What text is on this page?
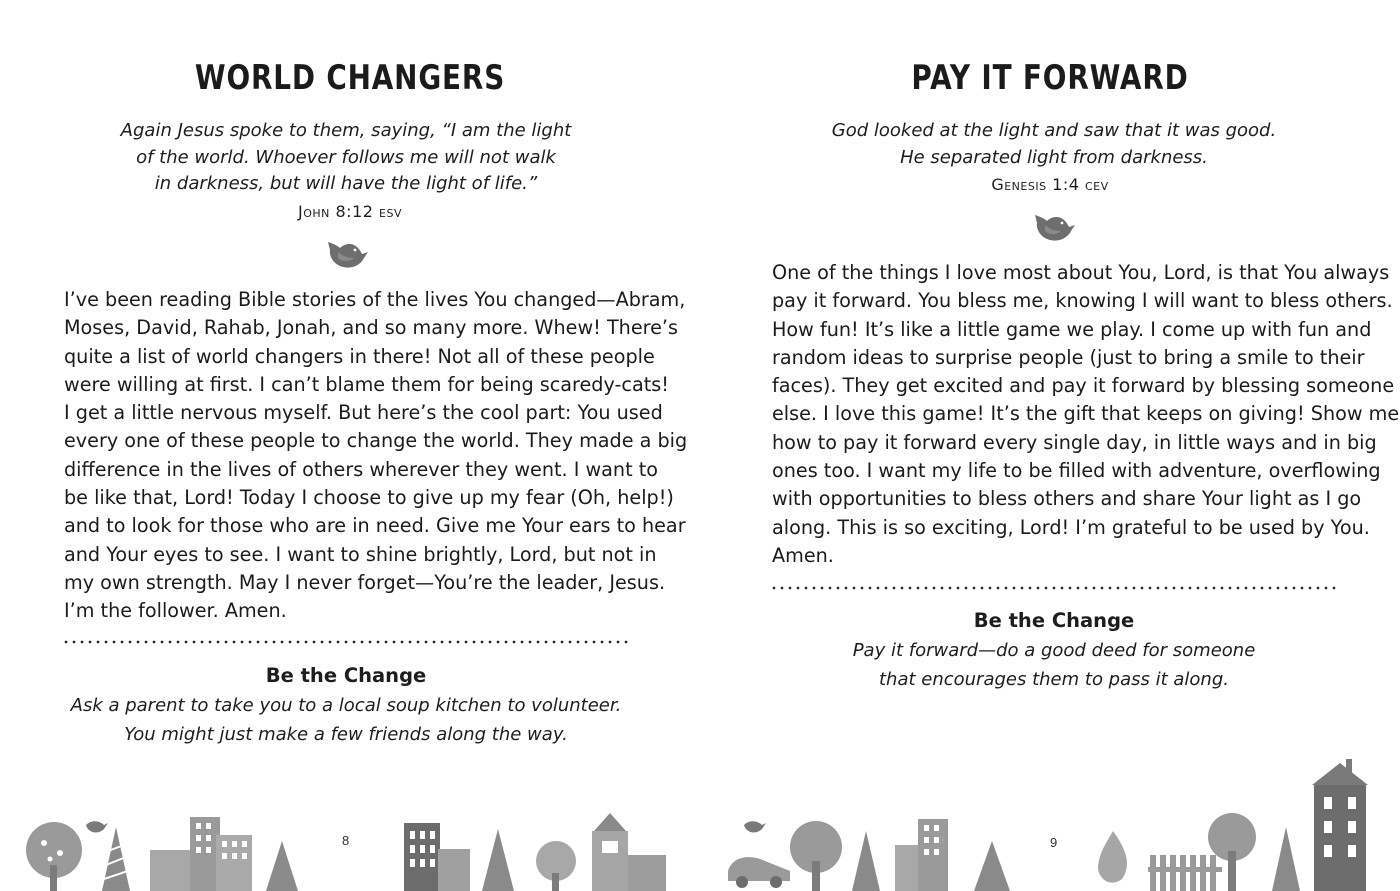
WORLD CHANGERS
Again Jesus spoke to them, saying, “I am the light
of the world. Whoever follows me will not walk
in darkness, but will have the light of life.”
John 8:12 esv
I’ve been reading Bible stories of the lives You changed—Abram,
Moses, David, Rahab, Jonah, and so many more. Whew! There’s
quite a list of world changers in there! Not all of these people
were willing at first. I can’t blame them for being scaredy-cats!
I get a little nervous myself. But here’s the cool part: You used
every one of these people to change the world. They made a big
difference in the lives of others wherever they went. I want to
be like that, Lord! Today I choose to give up my fear (Oh, help!)
and to look for those who are in need. Give me Your ears to hear
and Your eyes to see. I want to shine brightly, Lord, but not in
my own strength. May I never forget—You’re the leader, Jesus.
I’m the follower. Amen.
Be the Change
Ask a parent to take you to a local soup kitchen to volunteer.
You might just make a few friends along the way.
8
PAY IT FORWARD
God looked at the light and saw that it was good.
He separated light from darkness.
Genesis 1:4 cev
One of the things I love most about You, Lord, is that You always
pay it forward. You bless me, knowing I will want to bless others.
How fun! It’s like a little game we play. I come up with fun and
random ideas to surprise people (just to bring a smile to their
faces). They get excited and pay it forward by blessing someone
else. I love this game! It’s the gift that keeps on giving! Show me
how to pay it forward every single day, in little ways and in big
ones too. I want my life to be filled with adventure, overflowing
with opportunities to bless others and share Your light as I go
along. This is so exciting, Lord! I’m grateful to be used by You.
Amen.
Be the Change
Pay it forward—do a good deed for someone
that encourages them to pass it along.
9
